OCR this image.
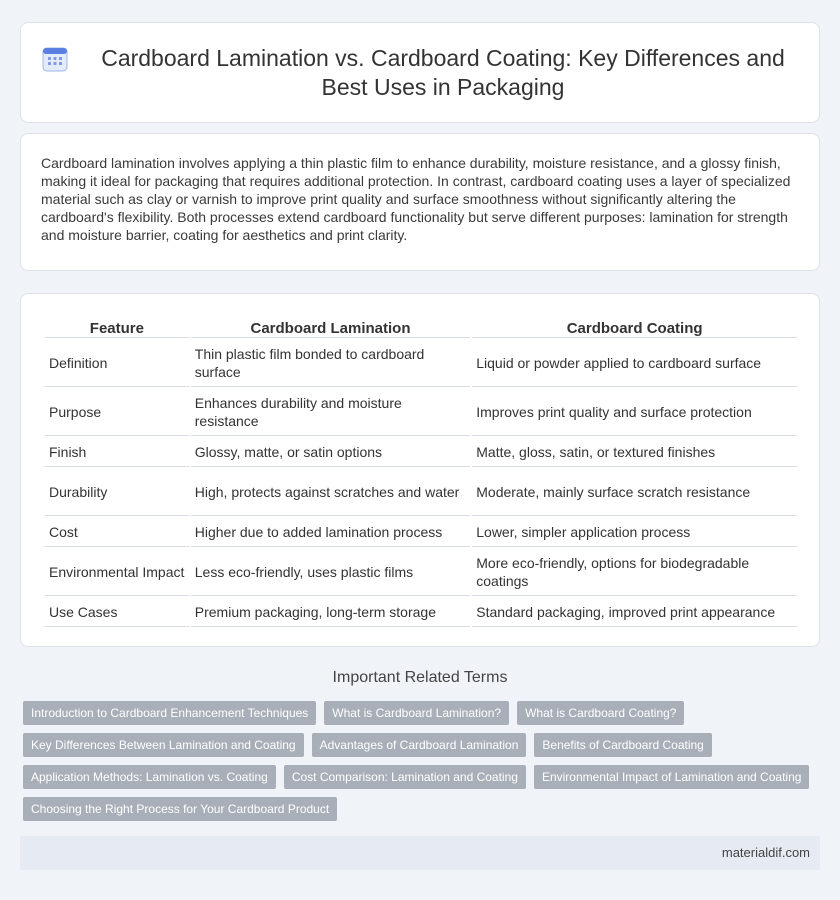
Cardboard Lamination vs. Cardboard Coating: Key Differences and Best Uses in Packaging

Cardboard lamination involves applying a thin plastic film to enhance durability, moisture resistance, and a glossy finish, making it ideal for packaging that requires additional protection. In contrast, cardboard coating uses a layer of specialized material such as clay or varnish to improve print quality and surface smoothness without significantly altering the cardboard's flexibility. Both processes extend cardboard functionality but serve different purposes: lamination for strength and moisture barrier, coating for aesthetics and print clarity.

Feature	Cardboard Lamination	Cardboard Coating
Definition	Thin plastic film bonded to cardboard surface	Liquid or powder applied to cardboard surface
Purpose	Enhances durability and moisture resistance	Improves print quality and surface protection
Finish	Glossy, matte, or satin options	Matte, gloss, satin, or textured finishes
Durability	High, protects against scratches and water	Moderate, mainly surface scratch resistance
Cost	Higher due to added lamination process	Lower, simpler application process
Environmental Impact	Less eco-friendly, uses plastic films	More eco-friendly, options for biodegradable coatings
Use Cases	Premium packaging, long-term storage	Standard packaging, improved print appearance
Important Related Terms
Introduction to Cardboard Enhancement Techniques	What is Cardboard Lamination?	What is Cardboard Coating?
Key Differences Between Lamination and Coating	Advantages of Cardboard Lamination	Benefits of Cardboard Coating
Application Methods: Lamination vs. Coating	Cost Comparison: Lamination and Coating	Environmental Impact of Lamination and Coating
Choosing the Right Process for Your Cardboard Product
materialdif.com
